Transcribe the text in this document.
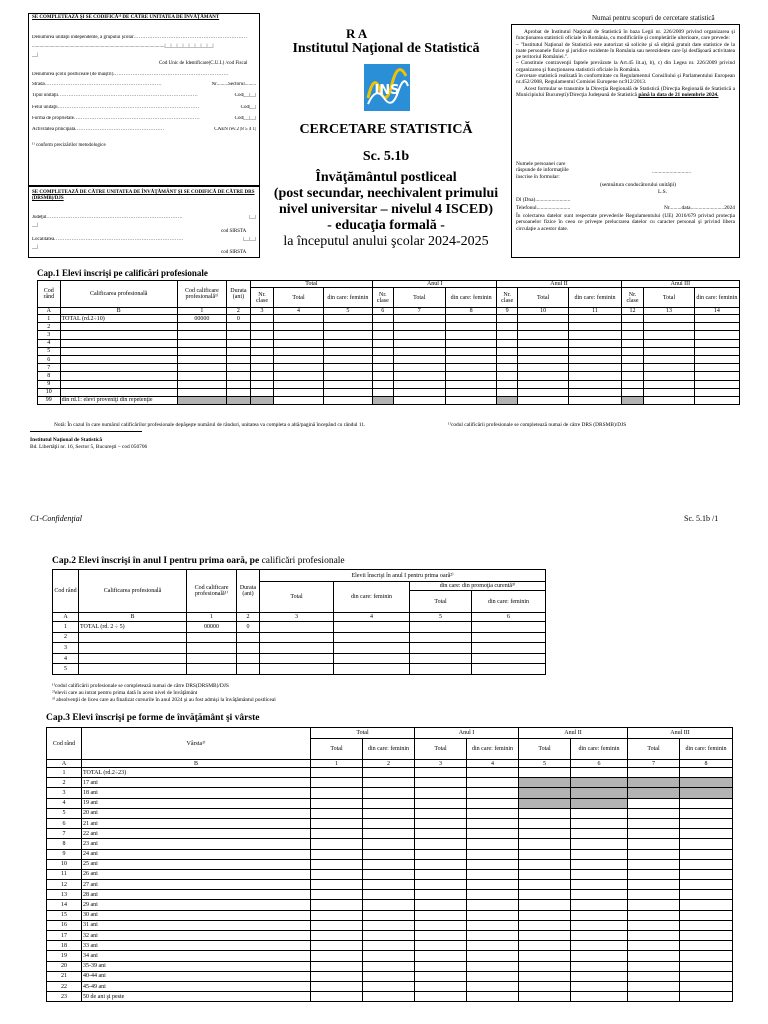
Numai pentru scopuri de cercetare statistică
SE COMPLETEAZĂ ŞI SE CODIFICĂ¹⁾ DE CĂTRE UNITATEA DE ÎNVĂŢĂMÂNT
Denumirea unităţii independente, a grupului şcolar .................................................................
..........................................................................................................|__|__|__|__|__|__|__|__|
__|
Cod Unic de Identificare(C.U.I.) /cod Fiscal
Denumirea şcolii postliceale (de maiştri) ..................................................................
Strada ...................................................................	Nr ......... Sectorul .........
Tipul unităţii ................................................................................	Cod |__|__|
Felul unităţii .................................................................................	Cod |__|
Forma de proprietate ........................................................................	Cod |__|__|
Activitatea principală ...................................................	CAEN rev.2 | 8 5 4 1 |
¹⁾ conform precizărilor metodologice
SE COMPLETEAZĂ DE CĂTRE UNITATEA DE ÎNVĂŢĂMÂNT ŞI SE CODIFICĂ DE CĂTRE DRS (DRSMB)/DJS
Judeţul ..............................................................................	|__|
__|
cod SIRSTA
Localitatea ..........................................................................	|__|__|
__|
cod SIRSTA
R A
Institutul Naţional de Statistică
INS
CERCETARE STATISTICĂ
Sc. 5.1b
Învăţământul postliceal
(post secundar, neechivalent primului
nivel universitar – nivelul 4 ISCED)
- educaţia formală -
la începutul anului şcolar 2024-2025
Aprobat de Institutul Naţional de Statistică în baza Legii nr. 226/2009 privind organizarea şi funcţionarea statisticii oficiale în România, cu modificările şi completările ulterioare, care prevede:
– "Institutul Naţional de Statistică este autorizat să solicite şi să obţină gratuit date statistice de la toate persoanele fizice şi juridice rezidente în România sau nerezidente care îşi desfăşoară activitatea pe teritoriul României.".
– Constituie contravenţii faptele prevăzute la Art.45 lit.a), b), c) din Legea nr. 226/2009 privind organizarea şi funcţionarea statisticii oficiale în România.
Cercetare statistică realizată în conformitate cu Regulamentul Consiliului şi Parlamentului European nr.452/2008, Regulamentul Comisiei Europene nr.912/2013.
Acest formular se transmite la Direcţia Regională de Statistică (Direcţia Regională de Statistică a Municipiului Bucureşti)/Direcţia Judeţeană de Statistică până la data de 21 noiembrie 2024.
Numele persoanei care
răspunde de informaţiile
înscrise în formular:
.............................
(semnătura conducătorului unităţii)
L.S.
Dl (Dna)..........................
Telefonul.........................	Nr.........data.........................2024
În colectarea datelor sunt respectate prevederile Regulamentului (UE) 2016/679 privind protecţia persoanelor fizice în ceea ce priveşte prelucrarea datelor cu caracter personal şi privind libera circulaţie a acestor date.
Cap.1 Elevi înscrişi pe calificări profesionale
Cod rând	Calificarea profesională	Cod calificare profesională¹⁾	Durata (ani)	Total			Anul I			Anul II			Anul III		
				Nr. clase	Total	din care: feminin	Nr. clase	Total	din care: feminin	Nr. clase	Total	din care: feminin	Nr. clase	Total	din care: feminin
A	B	1	2	3	4	5	6	7	8	9	10	11	12	13	14
1	TOTAL (rd.2÷10)	00000	0												
2															
3															
4															
5															
6															
7															
8															
9															
10															
99	din rd.1: elevi proveniţi din repetenţie														
Notă: În cazul în care numărul calificărilor profesionale depăşeşte numărul de rânduri, unitatea va completa o altă/pagină începând cu rândul 11.	¹⁾codul calificării profesionale se completează numai de către DRS (DRSMB)/DJS
Institutul Naţional de Statistică
Bd. Libertăţii nr. 16, Sector 5, Bucureşti – cod 050706
C1-Confidenţial	Sc. 5.1b /1
Cap.2 Elevi înscrişi în anul I pentru prima oară, pe calificări profesionale
Cod rând	Calificarea profesională	Cod calificare profesională¹⁾	Durata (ani)	Elevii înscrişi în anul I pentru prima oară²⁾			
				Total	din care: feminin	din care: din promoţia curentă³⁾	
						Total	din care: feminin
A	B	1	2	3	4	5	6
1	TOTAL (rd. 2 ÷ 5)	00000	0				
2							
3							
4							
5							
¹⁾codul calificării profesionale se completează numai de către DRS(DRSMB)/DJS
²⁾elevii care au intrat pentru prima dată în acest nivel de învăţământ
³⁾ absolvenţii de liceu care au finalizat cursurile în anul 2024 şi au fost admişi la învăţământul postliceal
Cap.3 Elevi înscrişi pe forme de învăţământ şi vârste
Cod rând	Vârsta¹⁾	Total		Anul I		Anul II		Anul III	
		Total	din care: feminin	Total	din care: feminin	Total	din care: feminin	Total	din care: feminin
A	B	1	2	3	4	5	6	7	8
1	TOTAL (rd.2÷23)								
2	17 ani								
3	18 ani								
4	19 ani								
5	20 ani								
6	21 ani								
7	22 ani								
8	23 ani								
9	24 ani								
10	25 ani								
11	26 ani								
12	27 ani								
13	28 ani								
14	29 ani								
15	30 ani								
16	31 ani								
17	32 ani								
18	33 ani								
19	34 ani								
20	35-39 ani								
21	40-44 ani								
22	45-49 ani								
23	50 de ani şi peste								
